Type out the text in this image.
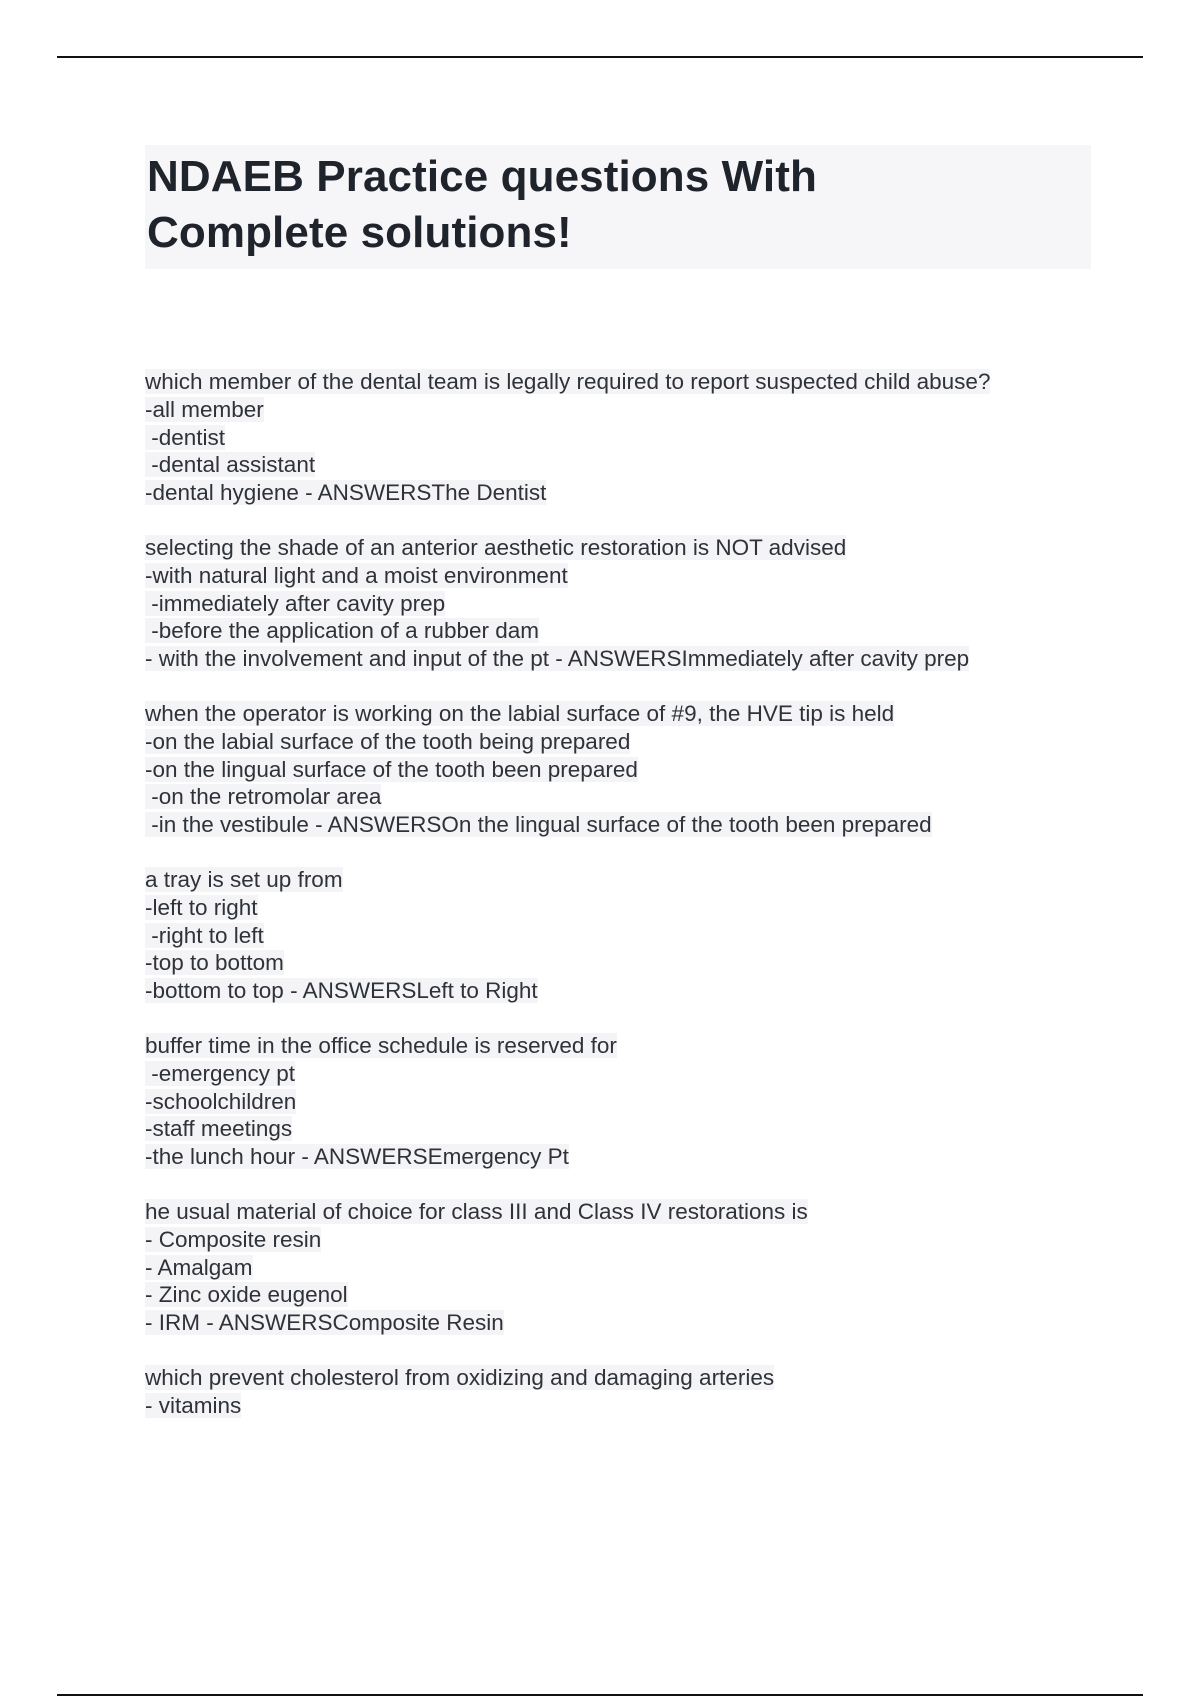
NDAEB Practice questions With
Complete solutions!
which member of the dental team is legally required to report suspected child abuse?
-all member
-dentist
-dental assistant
-dental hygiene - ANSWERSThe Dentist
selecting the shade of an anterior aesthetic restoration is NOT advised
-with natural light and a moist environment
-immediately after cavity prep
-before the application of a rubber dam
- with the involvement and input of the pt - ANSWERSImmediately after cavity prep
when the operator is working on the labial surface of #9, the HVE tip is held
-on the labial surface of the tooth being prepared
-on the lingual surface of the tooth been prepared
-on the retromolar area
-in the vestibule - ANSWERSOn the lingual surface of the tooth been prepared
a tray is set up from
-left to right
-right to left
-top to bottom
-bottom to top - ANSWERSLeft to Right
buffer time in the office schedule is reserved for
-emergency pt
-schoolchildren
-staff meetings
-the lunch hour - ANSWERSEmergency Pt
he usual material of choice for class III and Class IV restorations is
- Composite resin
- Amalgam
- Zinc oxide eugenol
- IRM - ANSWERSComposite Resin
which prevent cholesterol from oxidizing and damaging arteries
- vitamins
